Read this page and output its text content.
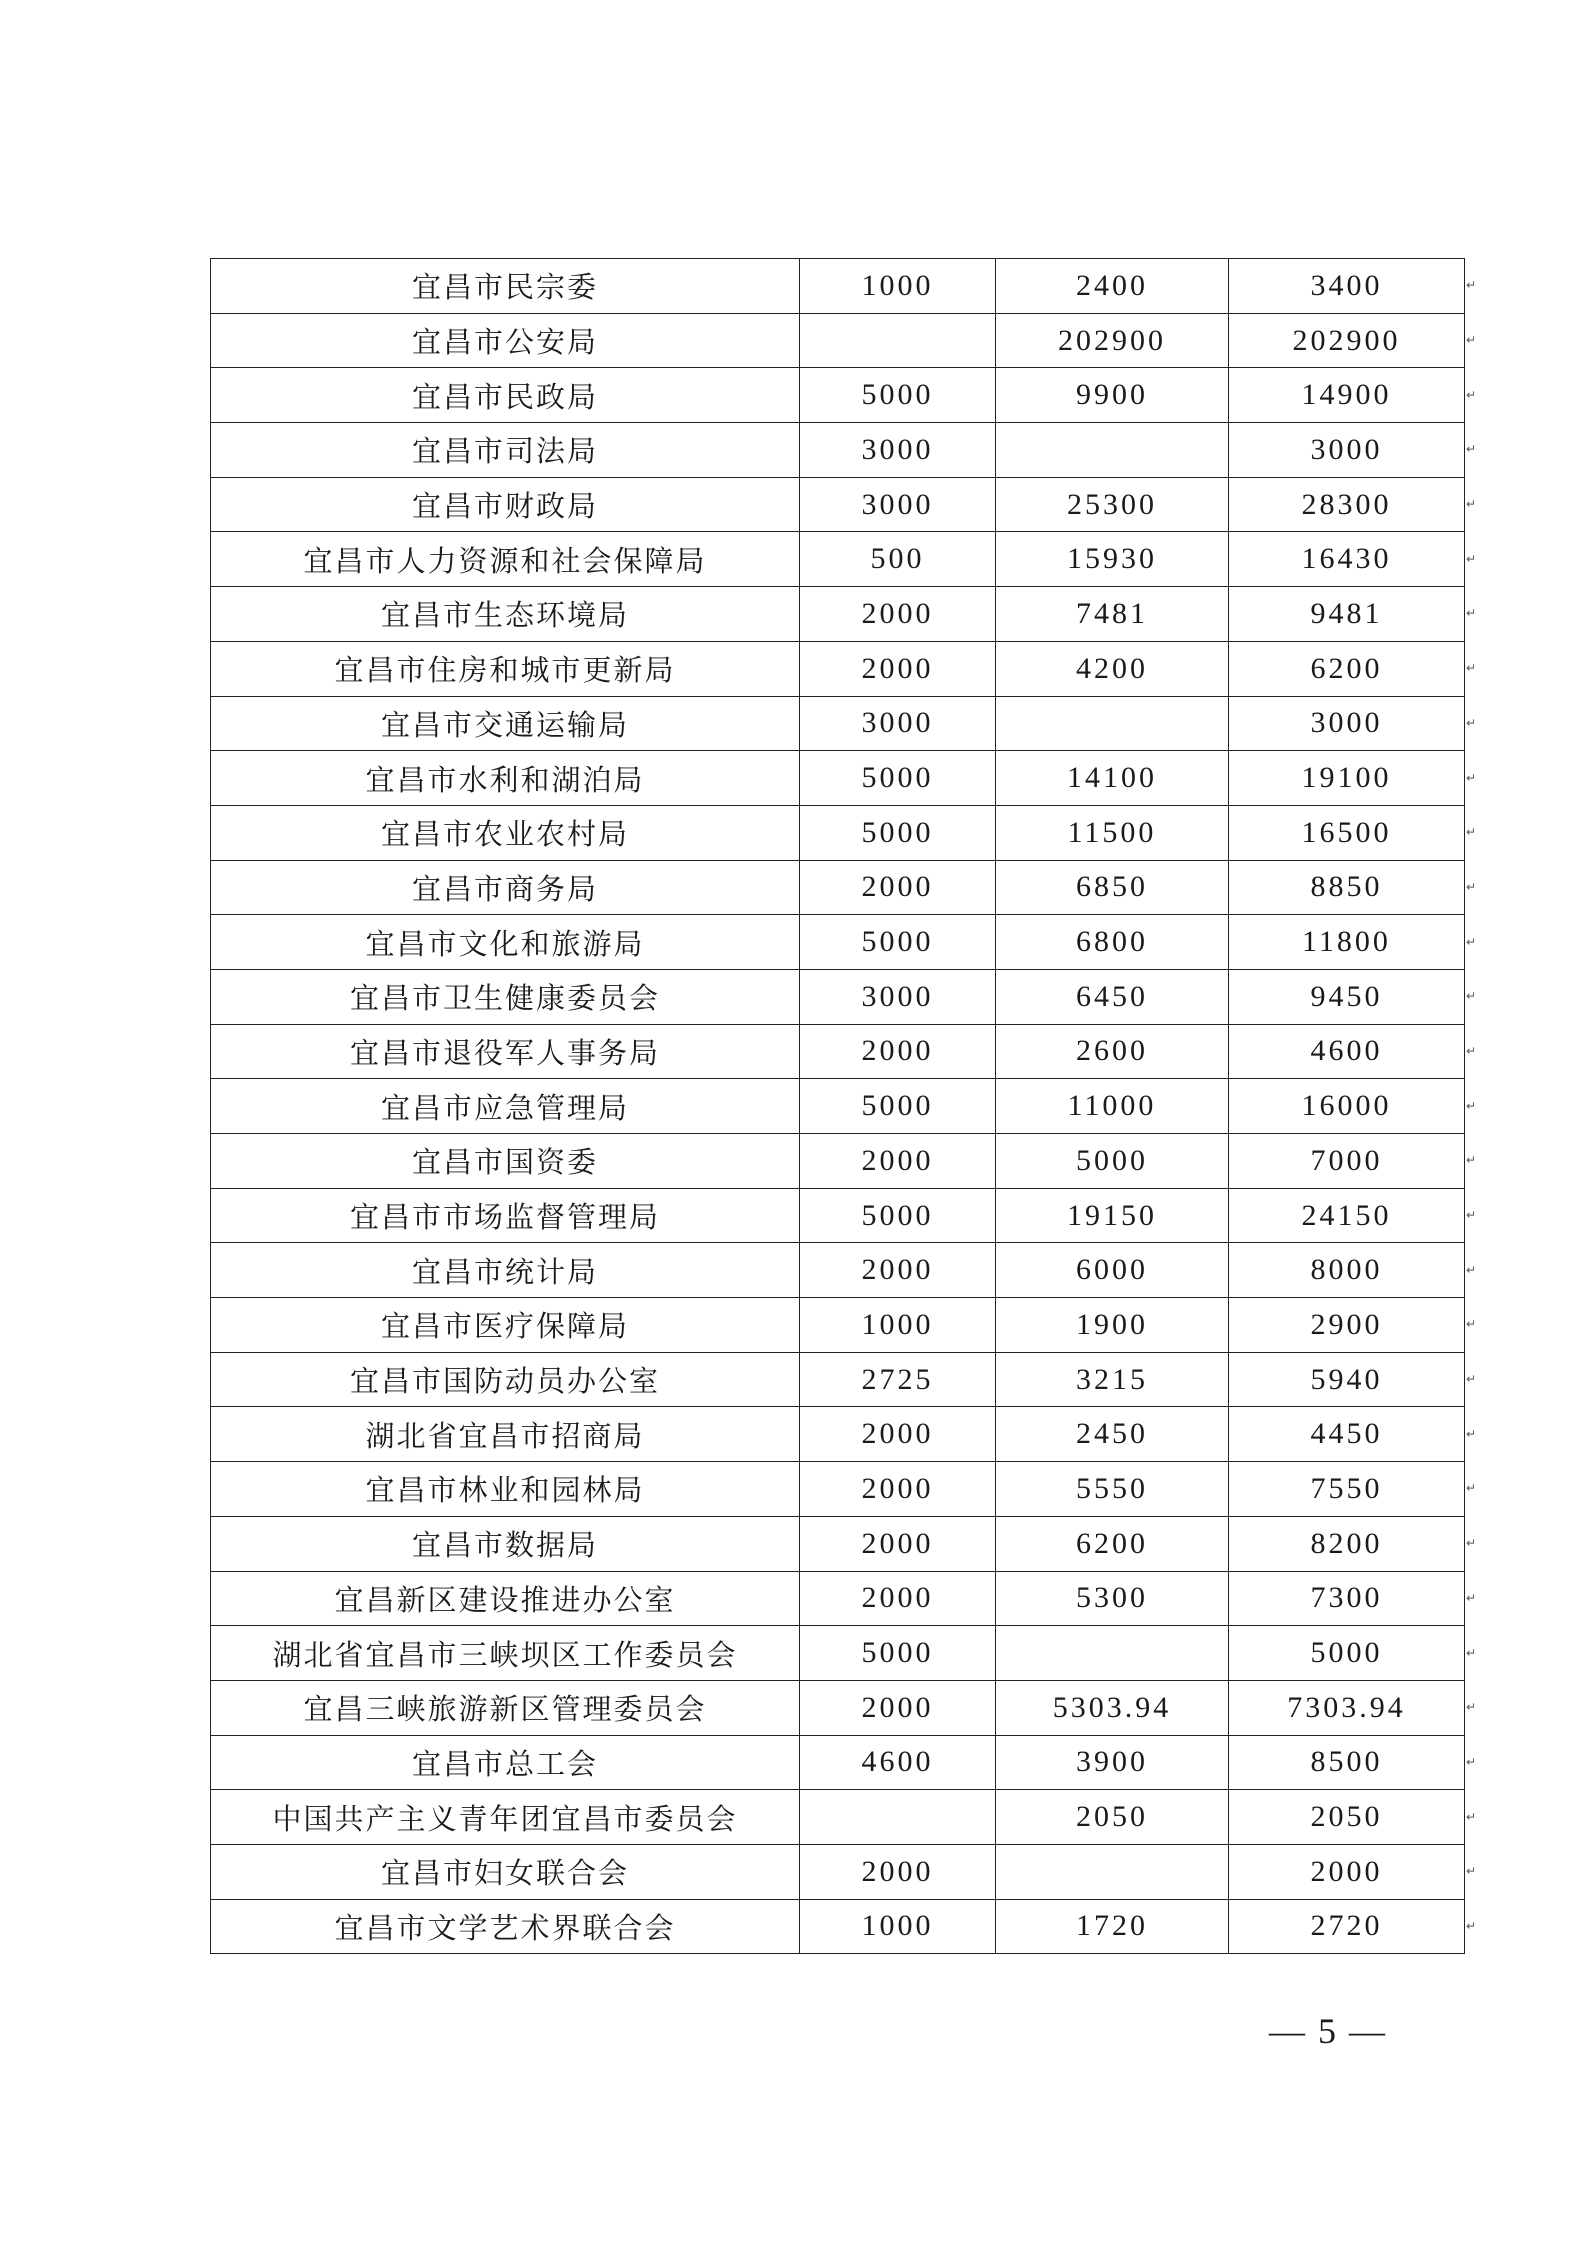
宜昌市民宗委	1000	2400	3400
宜昌市公安局		202900	202900
宜昌市民政局	5000	9900	14900
宜昌市司法局	3000		3000
宜昌市财政局	3000	25300	28300
宜昌市人力资源和社会保障局	500	15930	16430
宜昌市生态环境局	2000	7481	9481
宜昌市住房和城市更新局	2000	4200	6200
宜昌市交通运输局	3000		3000
宜昌市水利和湖泊局	5000	14100	19100
宜昌市农业农村局	5000	11500	16500
宜昌市商务局	2000	6850	8850
宜昌市文化和旅游局	5000	6800	11800
宜昌市卫生健康委员会	3000	6450	9450
宜昌市退役军人事务局	2000	2600	4600
宜昌市应急管理局	5000	11000	16000
宜昌市国资委	2000	5000	7000
宜昌市市场监督管理局	5000	19150	24150
宜昌市统计局	2000	6000	8000
宜昌市医疗保障局	1000	1900	2900
宜昌市国防动员办公室	2725	3215	5940
湖北省宜昌市招商局	2000	2450	4450
宜昌市林业和园林局	2000	5550	7550
宜昌市数据局	2000	6200	8200
宜昌新区建设推进办公室	2000	5300	7300
湖北省宜昌市三峡坝区工作委员会	5000		5000
宜昌三峡旅游新区管理委员会	2000	5303.94	7303.94
宜昌市总工会	4600	3900	8500
中国共产主义青年团宜昌市委员会		2050	2050
宜昌市妇女联合会	2000		2000
宜昌市文学艺术界联合会	1000	1720	2720
↵
↵
↵
↵
↵
↵
↵
↵
↵
↵
↵
↵
↵
↵
↵
↵
↵
↵
↵
↵
↵
↵
↵
↵
↵
↵
↵
↵
↵
↵
↵
— 5 —
